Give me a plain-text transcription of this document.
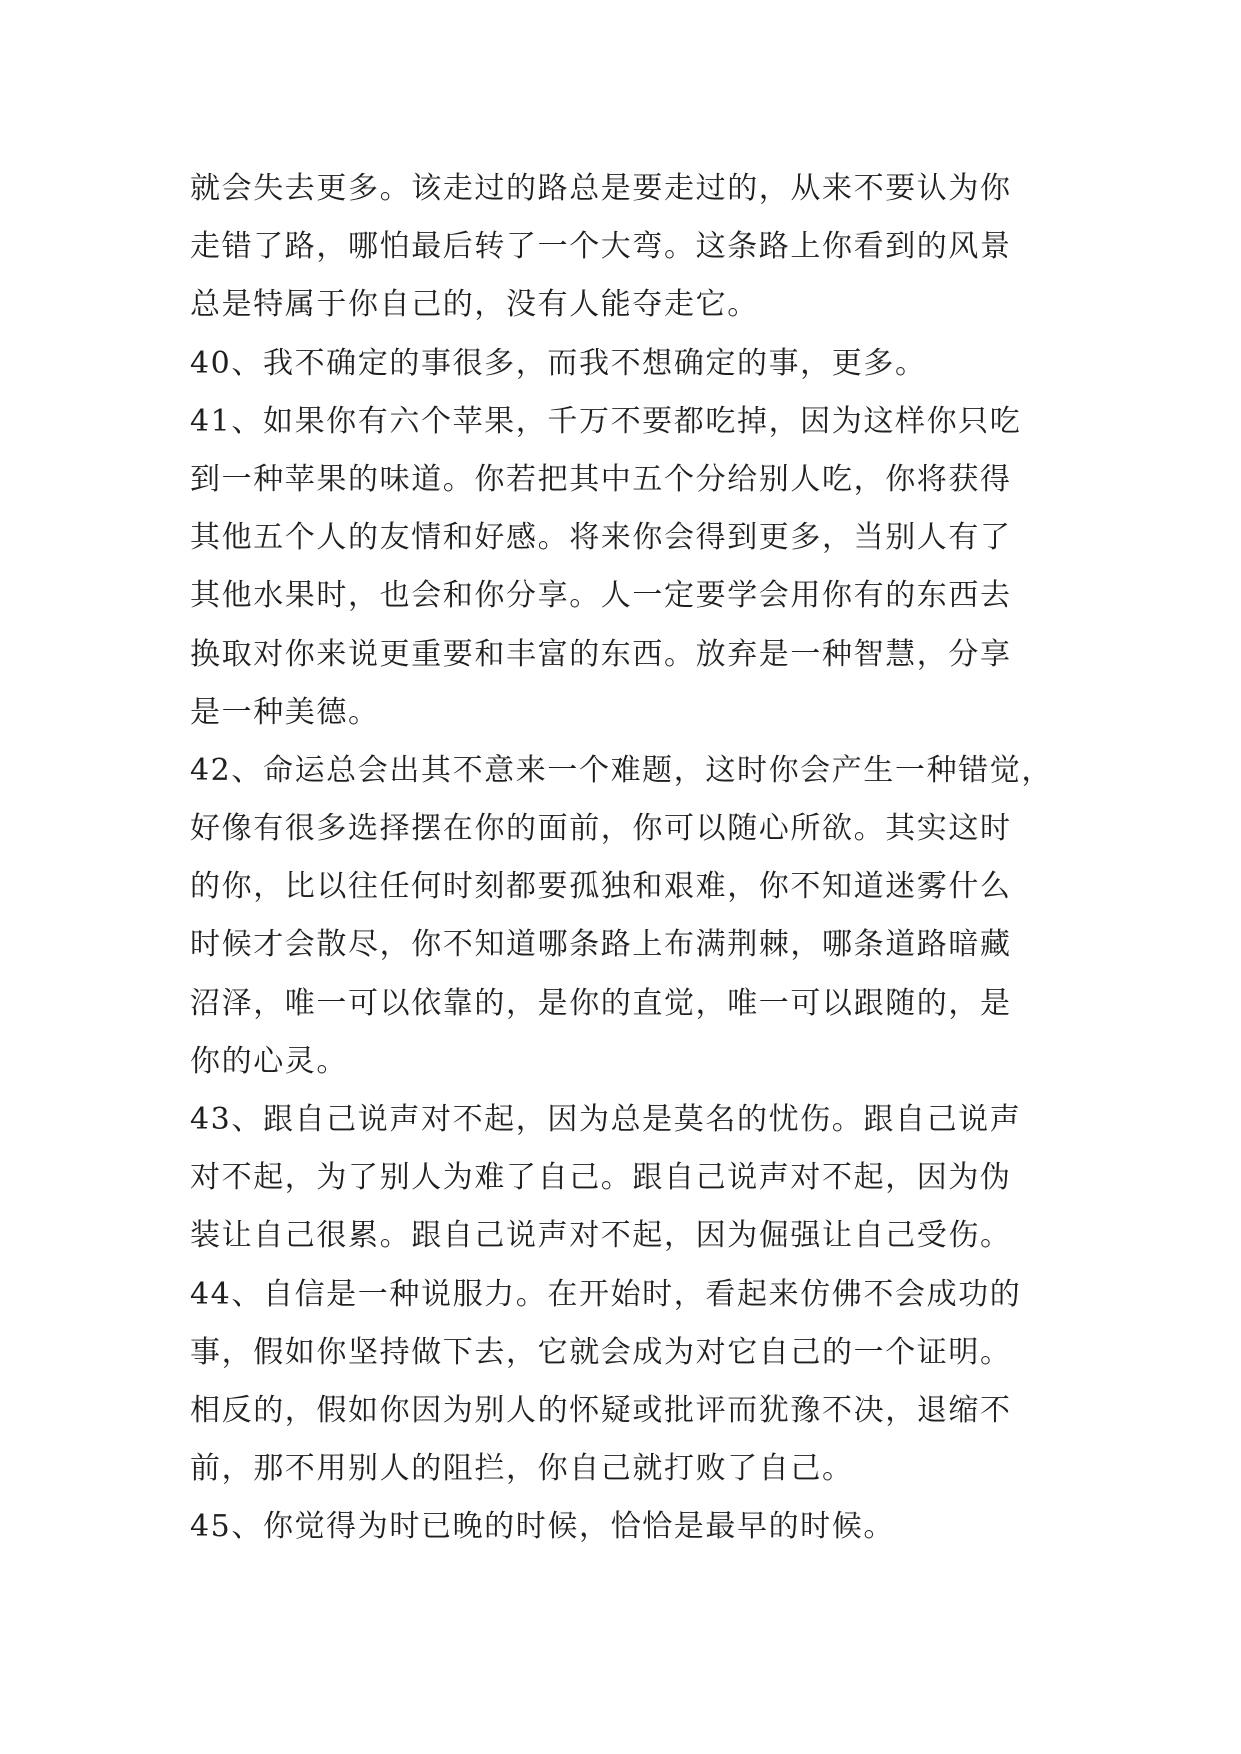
就会失去更多。该走过的路总是要走过的，从来不要认为你
走错了路，哪怕最后转了一个大弯。这条路上你看到的风景
总是特属于你自己的，没有人能夺走它。
40、我不确定的事很多，而我不想确定的事，更多。
41、如果你有六个苹果，千万不要都吃掉，因为这样你只吃
到一种苹果的味道。你若把其中五个分给别人吃，你将获得
其他五个人的友情和好感。将来你会得到更多，当别人有了
其他水果时，也会和你分享。人一定要学会用你有的东西去
换取对你来说更重要和丰富的东西。放弃是一种智慧，分享
是一种美德。
42、命运总会出其不意来一个难题，这时你会产生一种错觉，
好像有很多选择摆在你的面前，你可以随心所欲。其实这时
的你，比以往任何时刻都要孤独和艰难，你不知道迷雾什么
时候才会散尽，你不知道哪条路上布满荆棘，哪条道路暗藏
沼泽，唯一可以依靠的，是你的直觉，唯一可以跟随的，是
你的心灵。
43、跟自己说声对不起，因为总是莫名的忧伤。跟自己说声
对不起，为了别人为难了自己。跟自己说声对不起，因为伪
装让自己很累。跟自己说声对不起，因为倔强让自己受伤。
44、自信是一种说服力。在开始时，看起来仿佛不会成功的
事，假如你坚持做下去，它就会成为对它自己的一个证明。
相反的，假如你因为别人的怀疑或批评而犹豫不决，退缩不
前，那不用别人的阻拦，你自己就打败了自己。
45、你觉得为时已晚的时候，恰恰是最早的时候。
